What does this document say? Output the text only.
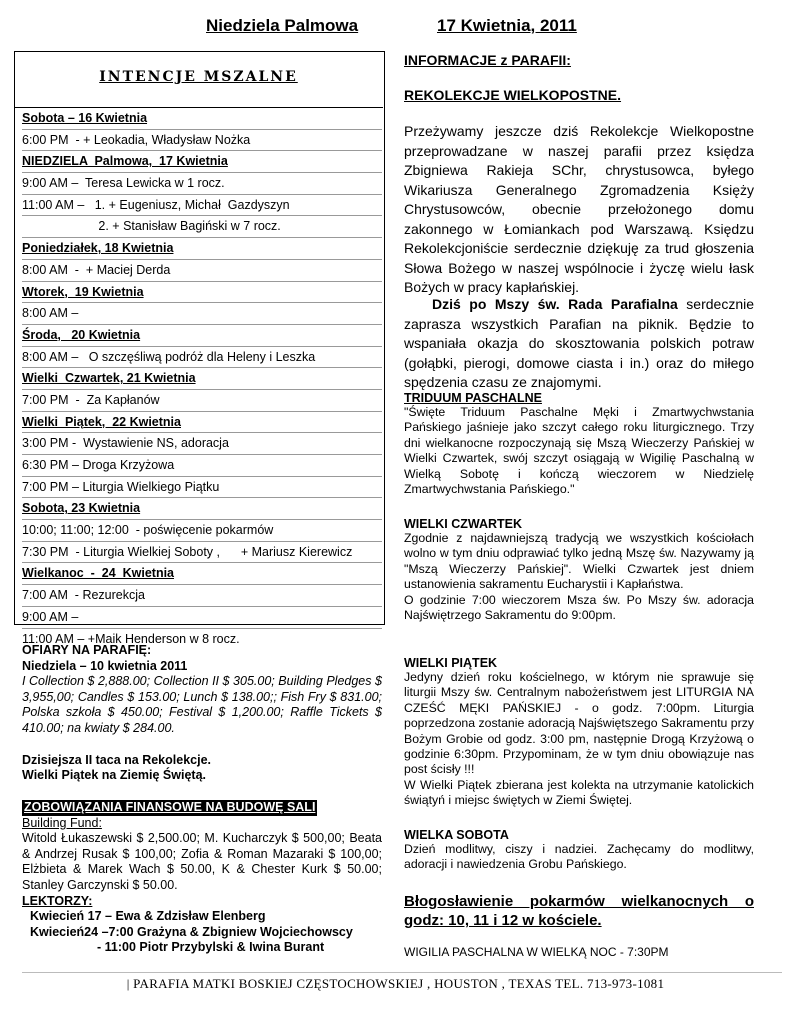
Niedziela Palmowa	17 Kwietnia, 2011
INTENCJE MSZALNE
Sobota – 16 Kwietnia
6:00 PM  - + Leokadia, Władysław Nożka
NIEDZIELA  Palmowa,  17 Kwietnia
9:00 AM –  Teresa Lewicka w 1 rocz.
11:00 AM –   1. + Eugeniusz, Michał  Gazdyszyn
2. + Stanisław Bagiński w 7 rocz.
Poniedziałek, 18 Kwietnia
8:00 AM  -  + Maciej Derda
Wtorek,  19 Kwietnia
8:00 AM –
Środa,   20 Kwietnia
8:00 AM –   O szczęśliwą podróż dla Heleny i Leszka
Wielki  Czwartek, 21 Kwietnia
7:00 PM  -  Za Kapłanów
Wielki  Piątek,  22 Kwietnia
3:00 PM -  Wystawienie NS, adoracja
6:30 PM – Droga Krzyżowa
7:00 PM – Liturgia Wielkiego Piątku
Sobota, 23 Kwietnia
10:00; 11:00; 12:00  - poświęcenie pokarmów
7:30 PM  - Liturgia Wielkiej Soboty ,      + Mariusz Kierewicz
Wielkanoc  -  24  Kwietnia
7:00 AM  - Rezurekcja
9:00 AM –
11:00 AM – +Maik Henderson w 8 rocz.
OFIARY NA PARAFIĘ:
Niedziela – 10 kwietnia 2011
I Collection $ 2,888.00; Collection II $ 305.00; Building Pledges $ 3,955,00; Candles $ 153.00; Lunch $ 138.00;; Fish Fry $ 831.00; Polska szkoła $ 450.00; Festival $ 1,200.00; Raffle Tickets $ 410.00; na kwiaty $ 284.00.
Dzisiejsza II taca na Rekolekcje.
Wielki Piątek na Ziemię Świętą.
ZOBOWIĄZANIA FINANSOWE NA BUDOWĘ SALI
Building Fund:
Witold Łukaszewski $ 2,500.00; M. Kucharczyk $ 500,00; Beata & Andrzej Rusak $ 100,00; Zofia & Roman Mazaraki $ 100,00; Elżbieta & Marek Wach $ 50.00, K & Chester Kurk $ 50.00; Stanley Garczynski $ 50.00.
LEKTORZY:
Kwiecień 17 – Ewa & Zdzisław Elenberg
Kwiecień24 –7:00 Grażyna & Zbigniew Wojciechowscy
- 11:00 Piotr Przybylski & Iwina Burant
INFORMACJE z PARAFII:
REKOLEKCJE WIELKOPOSTNE.
Przeżywamy jeszcze dziś Rekolekcje Wielkopostne przeprowadzane w naszej parafii przez księdza Zbigniewa Rakieja SChr, chrystusowca, byłego Wikariusza Generalnego Zgromadzenia Księży Chrystusowców, obecnie przełożonego domu zakonnego w Łomiankach pod Warszawą. Księdzu Rekolekcjoniście serdecznie dziękuję za trud głoszenia Słowa Bożego w naszej wspólnocie i życzę wielu łask Bożych w pracy kapłańskiej.
Dziś po Mszy św. Rada Parafialna serdecznie zaprasza wszystkich Parafian na piknik. Będzie to wspaniała okazja do skosztowania polskich potraw (gołąbki, pierogi, domowe ciasta i in.) oraz do miłego spędzenia czasu ze znajomymi.
TRIDUUM PASCHALNE
"Święte Triduum Paschalne Męki i Zmartwychwstania Pańskiego jaśnieje jako szczyt całego roku liturgicznego. Trzy dni wielkanocne rozpoczynają się Mszą Wieczerzy Pańskiej w Wielki Czwartek, swój szczyt osiągają w Wigilię Paschalną w Wielką Sobotę i kończą wieczorem w Niedzielę Zmartwychwstania Pańskiego."
WIELKI CZWARTEK
Zgodnie z najdawniejszą tradycją we wszystkich kościołach wolno w tym dniu odprawiać tylko jedną Mszę św. Nazywamy ją "Mszą Wieczerzy Pańskiej". Wielki Czwartek jest dniem ustanowienia sakramentu Eucharystii i Kapłaństwa.
O godzinie 7:00 wieczorem Msza św. Po Mszy św. adoracja Najświętrzego Sakramentu do 9:00pm.
WIELKI PIĄTEK
Jedyny dzień roku kościelnego, w którym nie sprawuje się liturgii Mszy św. Centralnym nabożeństwem jest LITURGIA NA CZEŚĆ MĘKI PAŃSKIEJ - o godz. 7:00pm. Liturgia poprzedzona zostanie adoracją Najświętszego Sakramentu przy Bożym Grobie od godz. 3:00 pm, następnie Drogą Krzyżową o godzinie 6:30pm. Przypominam, że w tym dniu obowiązuje nas post ścisły !!!
W Wielki Piątek zbierana jest kolekta na utrzymanie katolickich świątyń i miejsc świętych w Ziemi Świętej.
WIELKA SOBOTA
Dzień modlitwy, ciszy i nadziei. Zachęcamy do modlitwy, adoracji i nawiedzenia Grobu Pańskiego.
Błogosławienie pokarmów wielkanocnych o godz: 10, 11 i 12 w kościele.
WIGILIA PASCHALNA W WIELKĄ NOC - 7:30PM
| PARAFIA MATKI BOSKIEJ CZĘSTOCHOWSKIEJ , HOUSTON , TEXAS TEL. 713-973-1081
